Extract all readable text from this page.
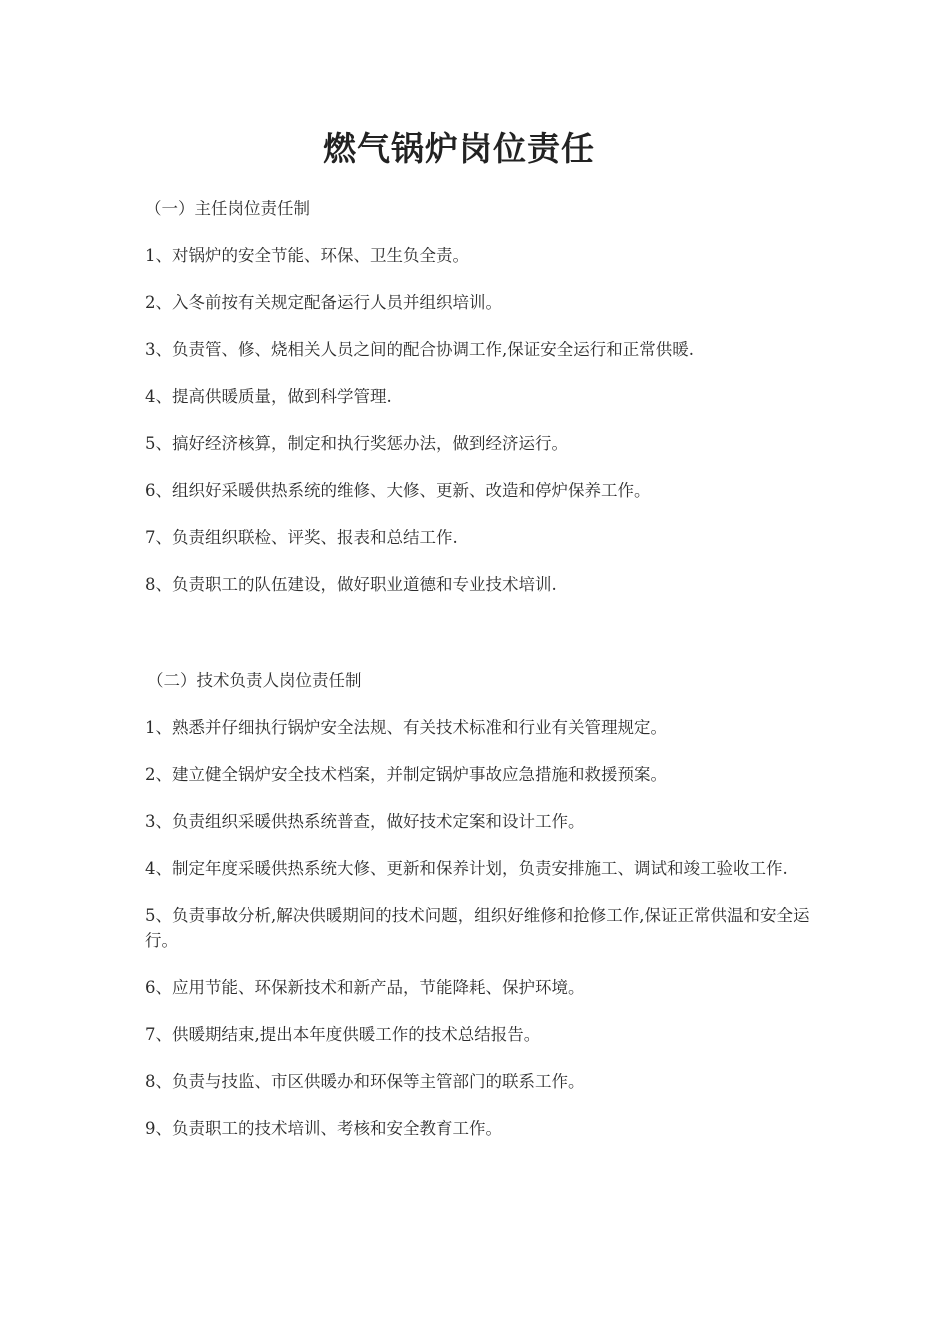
燃气锅炉岗位责任
（一）主任岗位责任制
1、对锅炉的安全节能、环保、卫生负全责。
2、入冬前按有关规定配备运行人员并组织培训。
3、负责管、修、烧相关人员之间的配合协调工作,保证安全运行和正常供暖.
4、提高供暖质量，做到科学管理.
5、搞好经济核算，制定和执行奖惩办法，做到经济运行。
6、组织好采暖供热系统的维修、大修、更新、改造和停炉保养工作。
7、负责组织联检、评奖、报表和总结工作.
8、负责职工的队伍建设，做好职业道德和专业技术培训.
（二）技术负责人岗位责任制
1、熟悉并仔细执行锅炉安全法规、有关技术标准和行业有关管理规定。
2、建立健全锅炉安全技术档案，并制定锅炉事故应急措施和救援预案。
3、负责组织采暖供热系统普查，做好技术定案和设计工作。
4、制定年度采暖供热系统大修、更新和保养计划，负责安排施工、调试和竣工验收工作.
5、负责事故分析,解决供暖期间的技术问题，组织好维修和抢修工作,保证正常供温和安全运行。
6、应用节能、环保新技术和新产品，节能降耗、保护环境。
7、供暖期结束,提出本年度供暖工作的技术总结报告。
8、负责与技监、市区供暖办和环保等主管部门的联系工作。
9、负责职工的技术培训、考核和安全教育工作。
